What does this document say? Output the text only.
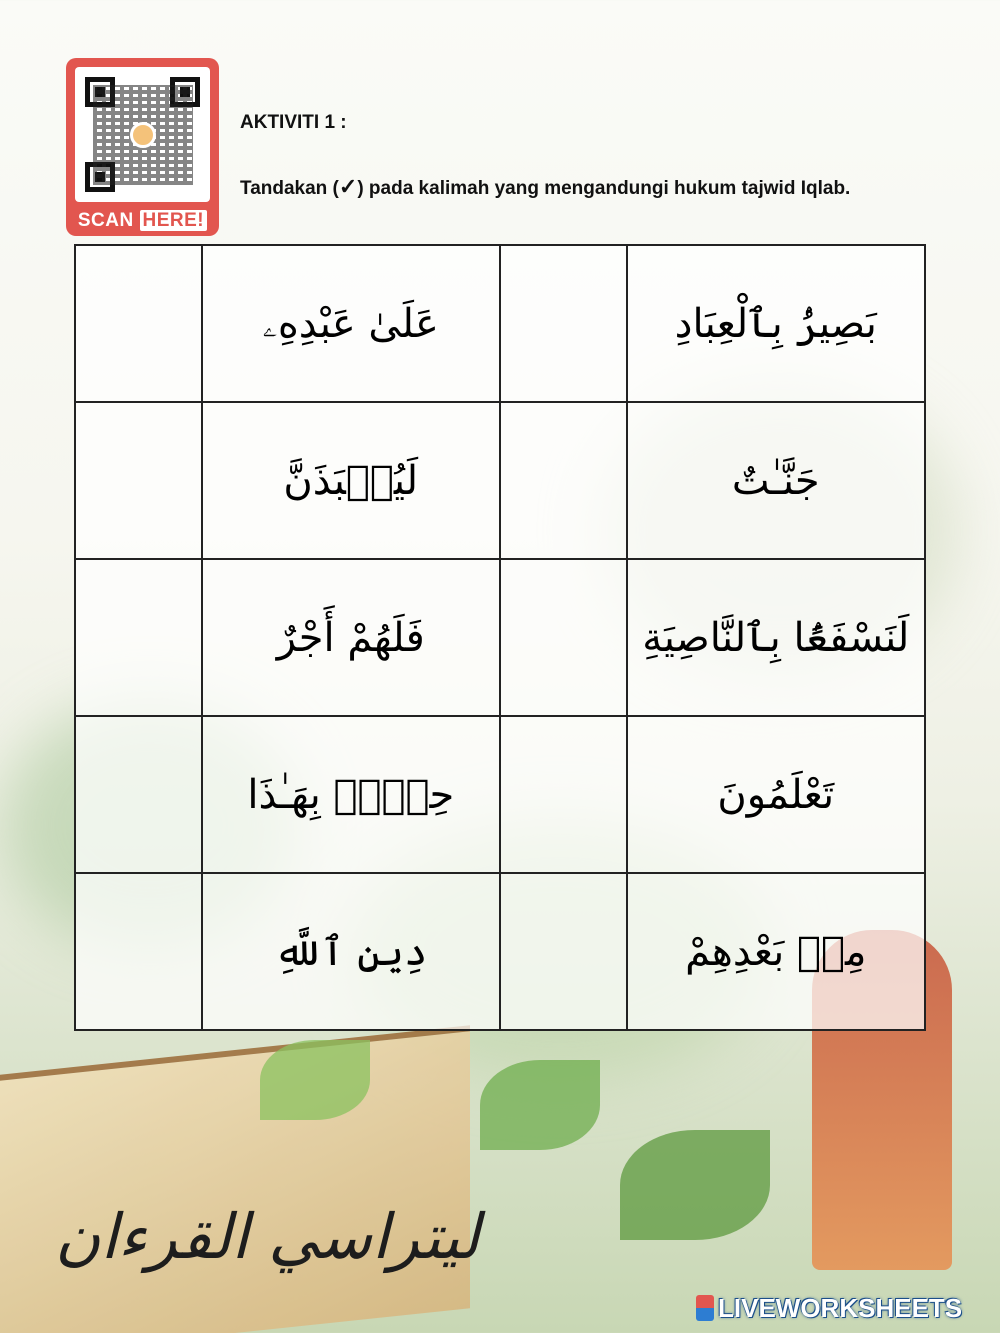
SCAN HERE!
AKTIVITI 1 :
Tandakan (✓) pada kalimah yang mengandungi hukum tajwid Iqlab.
	عَلَىٰ عَبْدِهِۦ		بَصِيرُۢ بِٱلْعِبَادِ
	لَيُنۢبَذَنَّ		جَنَّـٰتٌ
	فَلَهُمْ أَجْرٌ		لَنَسْفَعًۢا بِٱلنَّاصِيَةِ
	حِلُّۢ بِهَـٰذَا		تَعْلَمُونَ
	دِينِ ٱللَّهِ		مِنۢ بَعْدِهِمْ
ليتراسي القرءان
LIVEWORKSHEETS
